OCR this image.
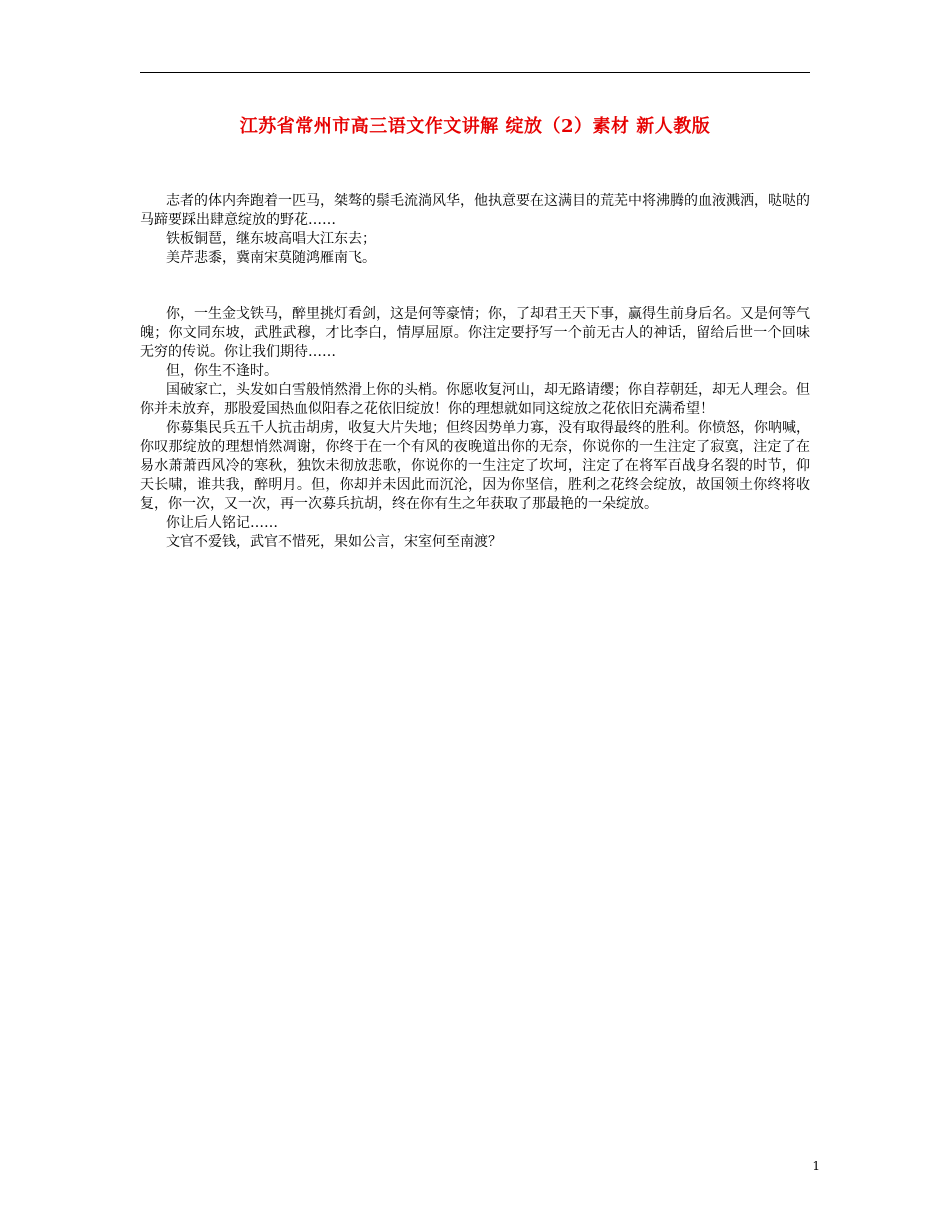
江苏省常州市高三语文作文讲解 绽放（2）素材 新人教版

志者的体内奔跑着一匹马，桀骜的鬃毛流淌风华，他执意要在这满目的荒芜中将沸腾的血液溅洒，哒哒的马蹄要踩出肆意绽放的野花……

铁板铜琶，继东坡高唱大江东去；

美芹悲黍，冀南宋莫随鸿雁南飞。

你，一生金戈铁马，醉里挑灯看剑，这是何等豪情；你，了却君王天下事，赢得生前身后名。又是何等气魄；你文同东坡，武胜武穆，才比李白，情厚屈原。你注定要抒写一个前无古人的神话，留给后世一个回味无穷的传说。你让我们期待……

但，你生不逢时。

国破家亡，头发如白雪般悄然滑上你的头梢。你愿收复河山，却无路请缨；你自荐朝廷，却无人理会。但你并未放弃，那股爱国热血似阳春之花依旧绽放！你的理想就如同这绽放之花依旧充满希望！

你募集民兵五千人抗击胡虏，收复大片失地；但终因势单力寡，没有取得最终的胜利。你愤怒，你呐喊，你叹那绽放的理想悄然凋谢，你终于在一个有风的夜晚道出你的无奈，你说你的一生注定了寂寞，注定了在易水萧萧西风冷的寒秋，独饮未彻放悲歌，你说你的一生注定了坎坷，注定了在将军百战身名裂的时节，仰天长啸，谁共我，醉明月。但，你却并未因此而沉沦，因为你坚信，胜利之花终会绽放，故国领土你终将收复，你一次，又一次，再一次募兵抗胡，终在你有生之年获取了那最艳的一朵绽放。

你让后人铭记……

文官不爱钱，武官不惜死，果如公言，宋室何至南渡？

1
